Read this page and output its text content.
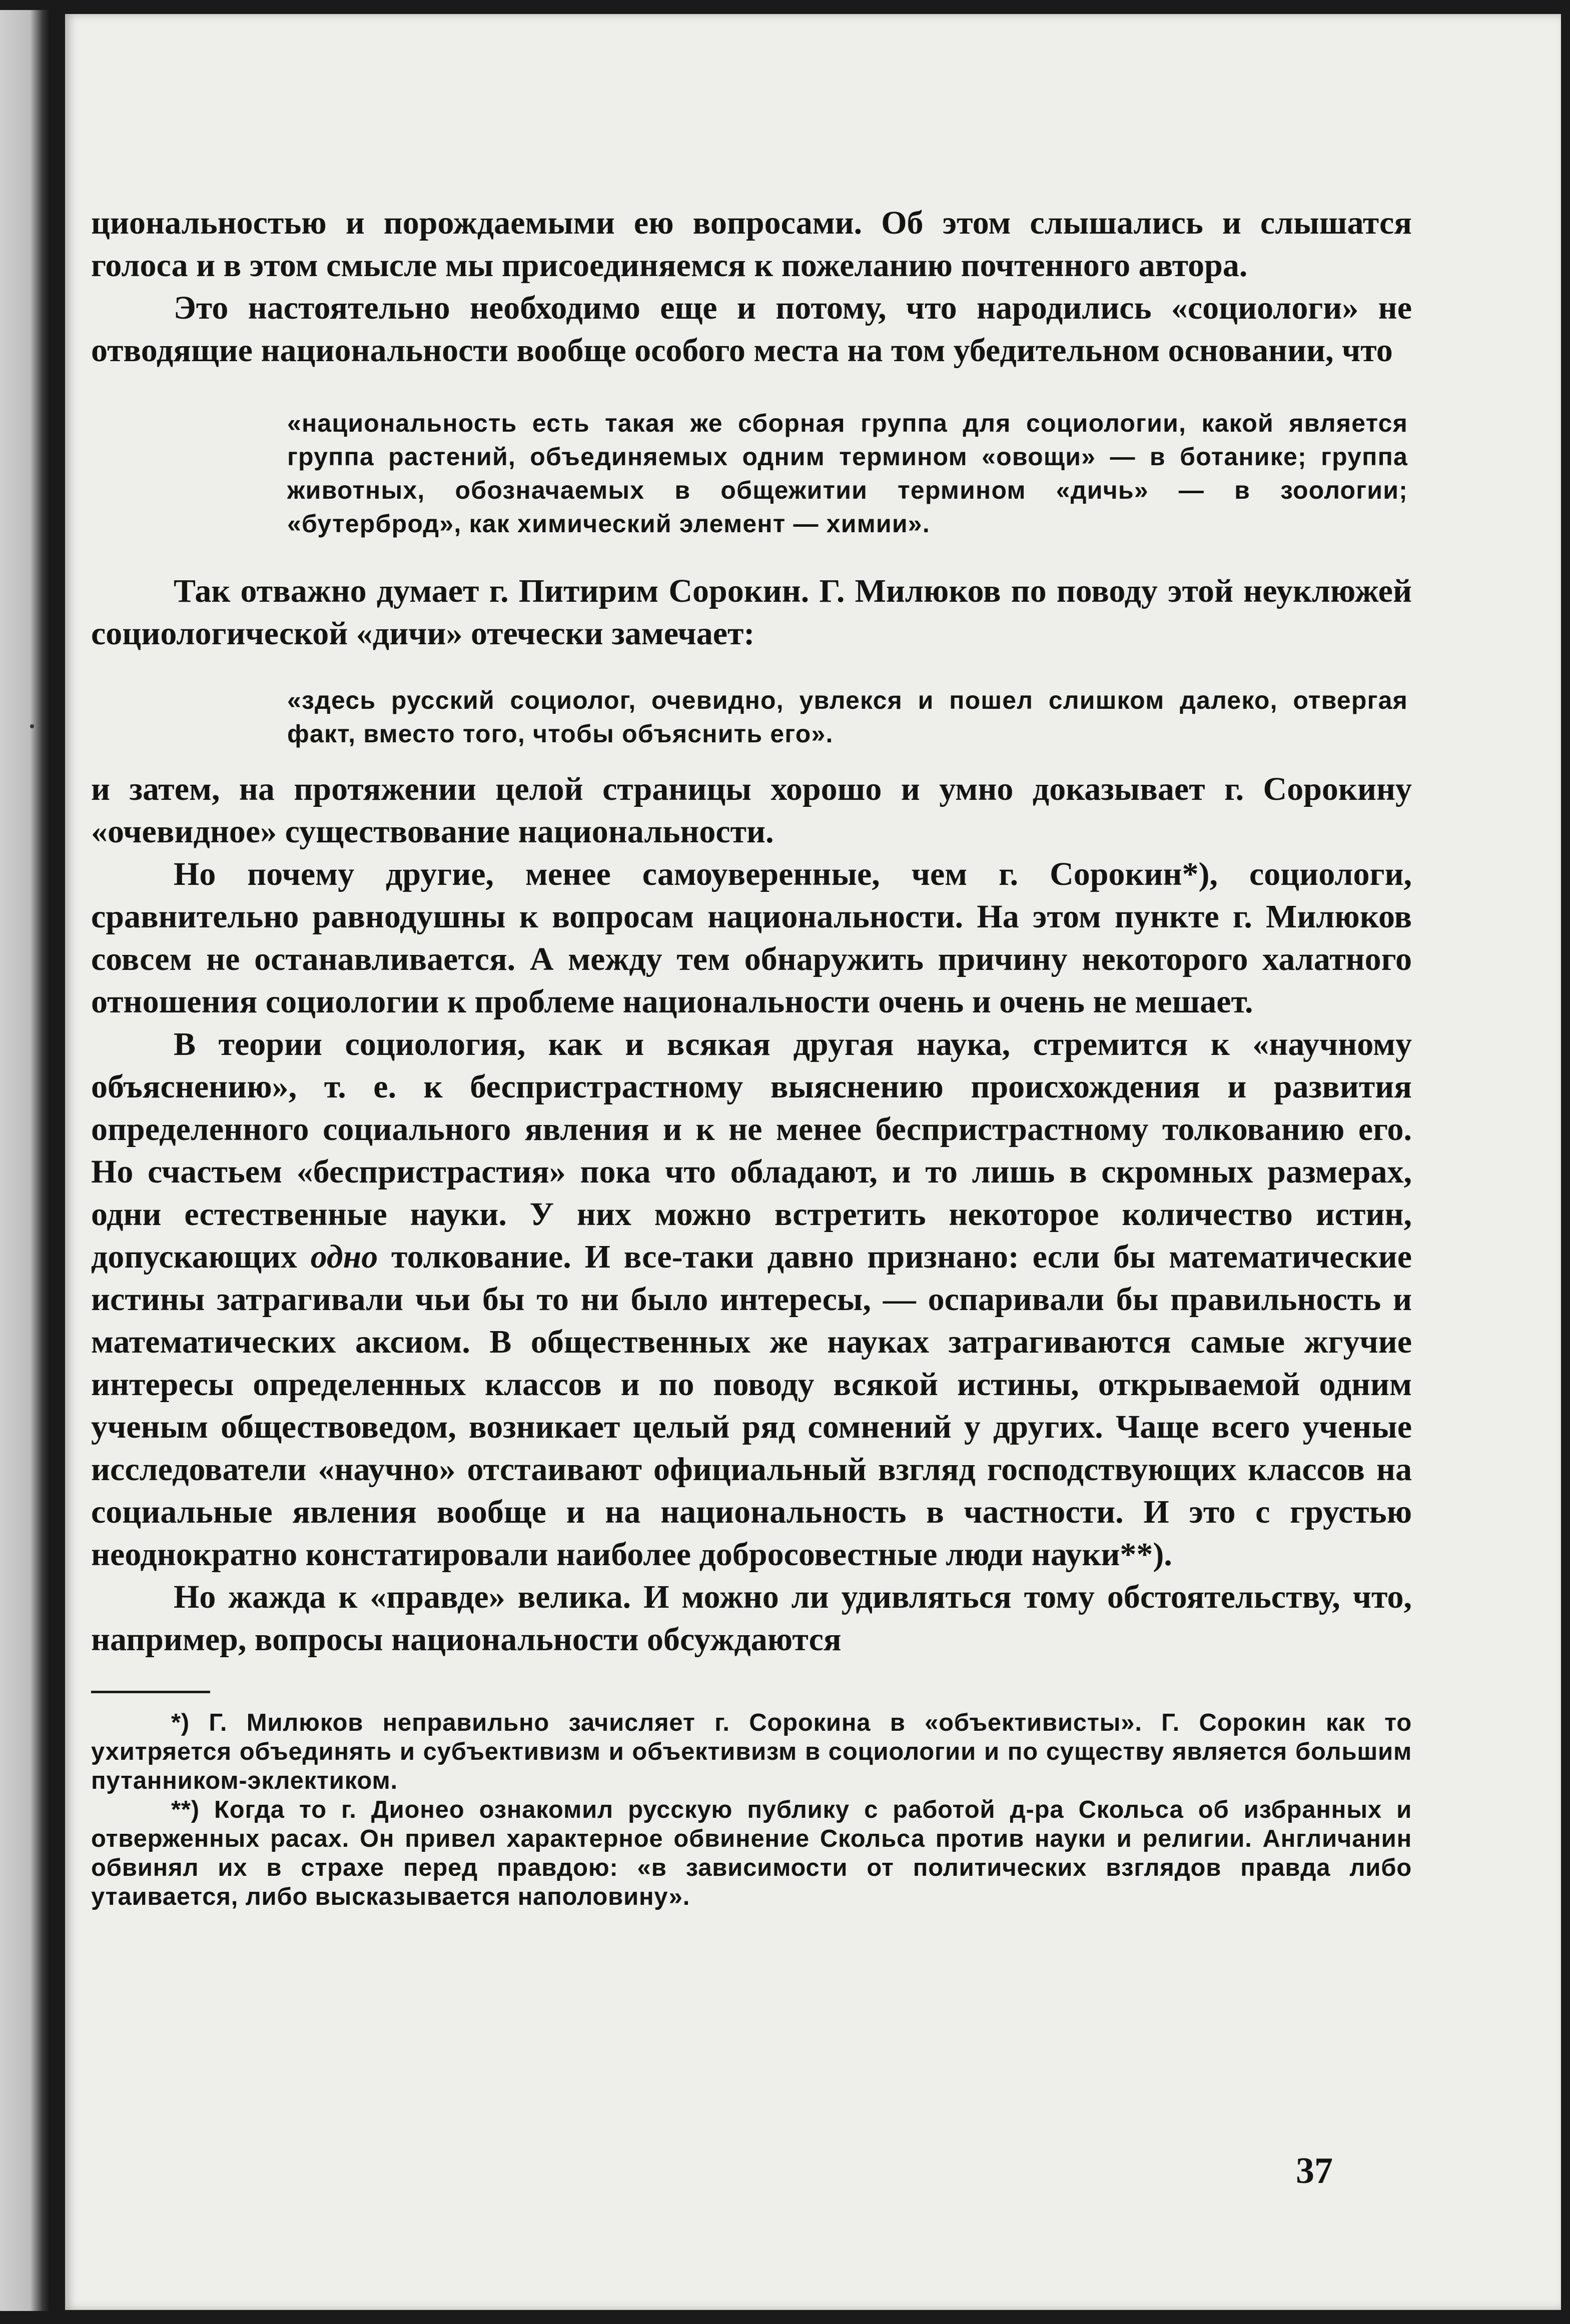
циональностью и порождаемыми ею вопросами. Об этом слышались и слышатся голоса и в этом смысле мы присоединяемся к пожеланию почтенного автора.

Это настоятельно необходимо еще и потому, что народились «социологи» не отводящие национальности вообще особого места на том убедительном основании, что

«национальность есть такая же сборная группа для социологии, какой является группа растений, объединяемых одним термином «овощи» — в ботанике; группа животных, обозначаемых в общежитии термином «дичь» — в зоологии; «бутерброд», как химический элемент — химии».

Так отважно думает г. Питирим Сорокин. Г. Милюков по поводу этой неуклюжей социологической «дичи» отечески замечает:

«здесь русский социолог, очевидно, увлекся и пошел слишком далеко, отвергая факт, вместо того, чтобы объяснить его».

и затем, на протяжении целой страницы хорошо и умно доказывает г. Сорокину «очевидное» существование национальности.

Но почему другие, менее самоуверенные, чем г. Сорокин*), социологи, сравнительно равнодушны к вопросам национальности. На этом пункте г. Милюков совсем не останавливается. А между тем обнаружить причину некоторого халатного отношения социологии к проблеме национальности очень и очень не мешает.

В теории социология, как и всякая другая наука, стремится к «научному объяснению», т. е. к беспристрастному выяснению происхождения и развития определенного социального явления и к не менее беспристрастному толкованию его. Но счастьем «беспристрастия» пока что обладают, и то лишь в скромных размерах, одни естественные науки. У них можно встретить некоторое количество истин, допускающих одно толкование. И все-таки давно признано: если бы математические истины затрагивали чьи бы то ни было интересы, — оспаривали бы правильность и математических аксиом. В общественных же науках затрагиваются самые жгучие интересы определенных классов и по поводу всякой истины, открываемой одним ученым обществоведом, возникает целый ряд сомнений у других. Чаще всего ученые исследователи «научно» отстаивают официальный взгляд господствующих классов на социальные явления вообще и на национальность в частности. И это с грустью неоднократно констатировали наиболее добросовестные люди науки**).

Но жажда к «правде» велика. И можно ли удивляться тому обстоятельству, что, например, вопросы национальности обсуждаются

*) Г. Милюков неправильно зачисляет г. Сорокина в «объективисты». Г. Сорокин как то ухитряется объединять и субъективизм и объективизм в социологии и по существу является большим путанником-эклектиком.

**) Когда то г. Дионео ознакомил русскую публику с работой д-ра Скольса об избранных и отверженных расах. Он привел характерное обвинение Скольса против науки и религии. Англичанин обвинял их в страхе перед правдою: «в зависимости от политических взглядов правда либо утаивается, либо высказывается наполовину».

37
